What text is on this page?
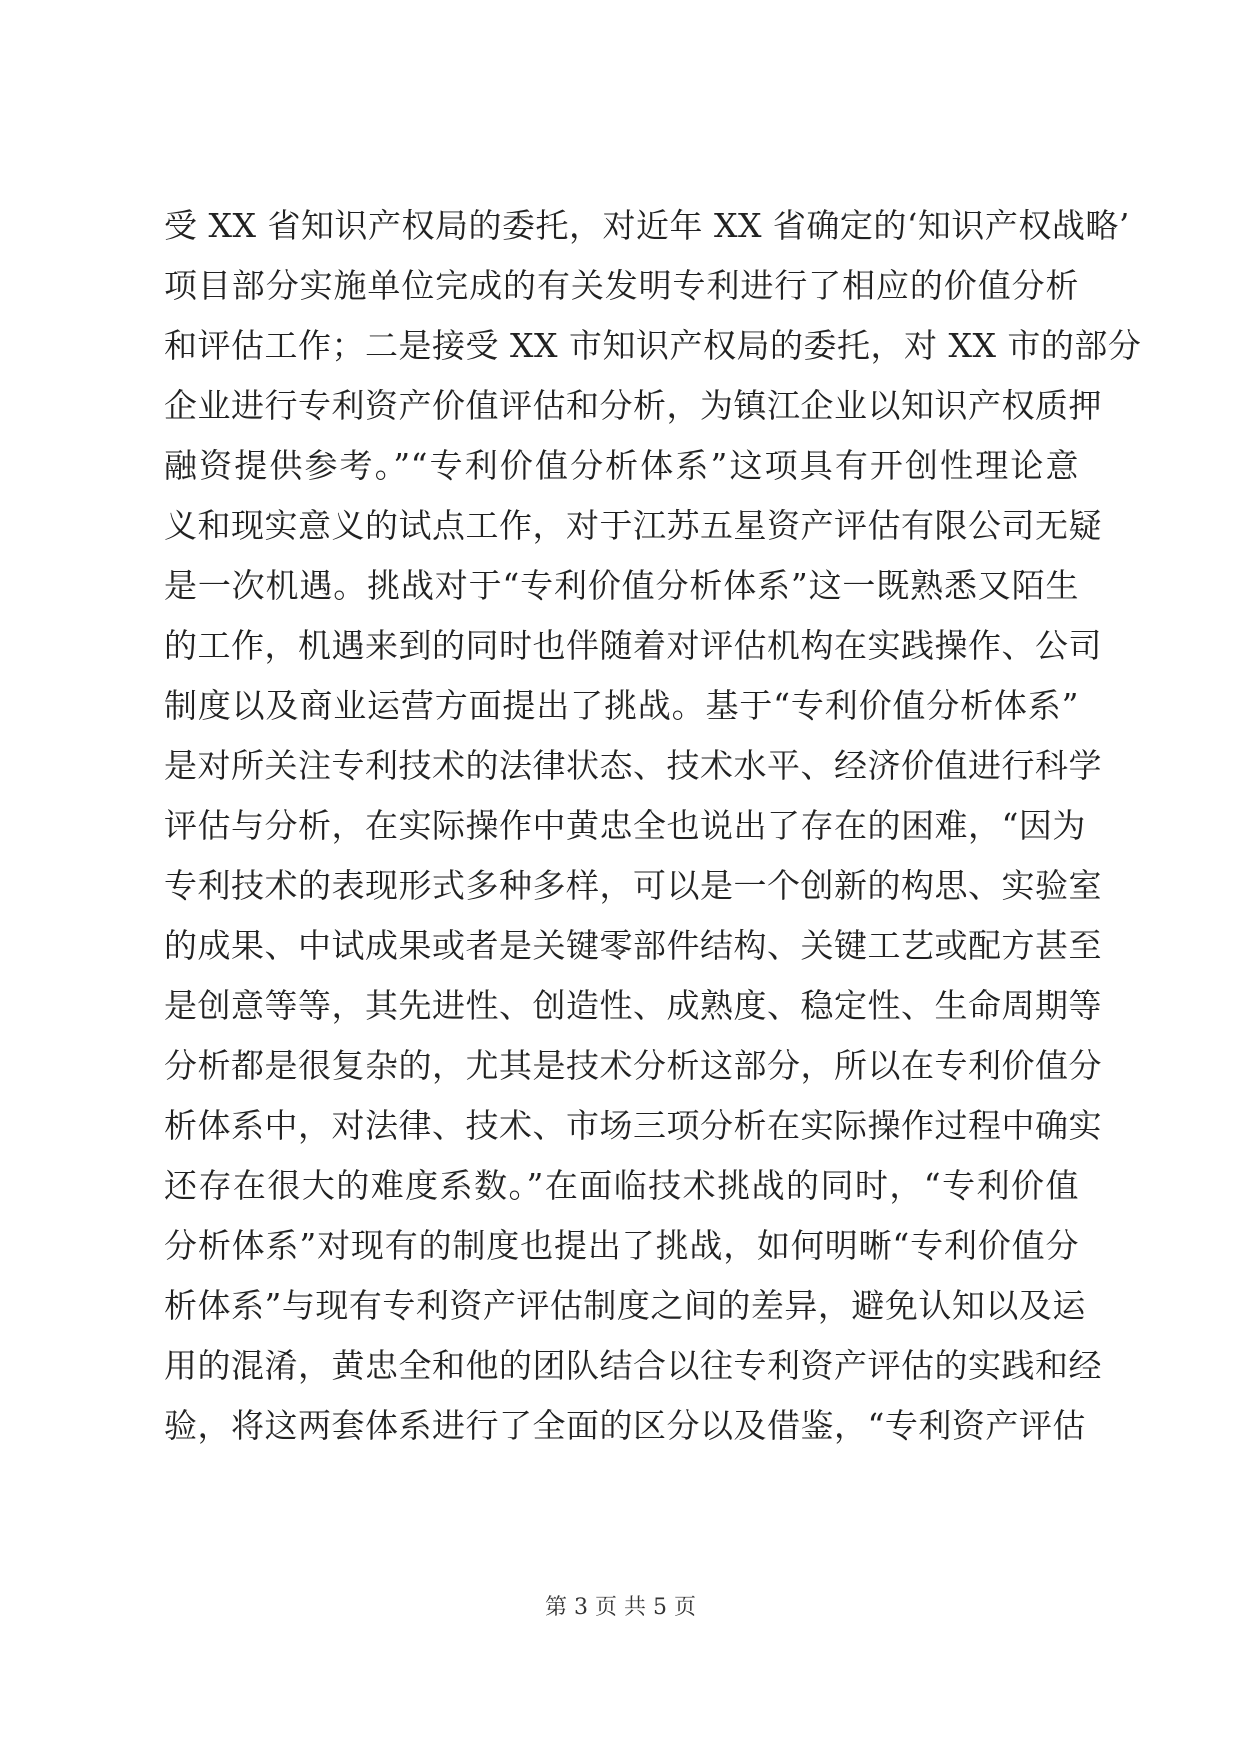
受 XX 省知识产权局的委托，对近年 XX 省确定的‘知识产权战略’
项目部分实施单位完成的有关发明专利进行了相应的价值分析
和评估工作；二是接受 XX 市知识产权局的委托，对 XX 市的部分
企业进行专利资产价值评估和分析，为镇江企业以知识产权质押
融资提供参考。”“专利价值分析体系”这项具有开创性理论意
义和现实意义的试点工作，对于江苏五星资产评估有限公司无疑
是一次机遇。挑战对于“专利价值分析体系”这一既熟悉又陌生
的工作，机遇来到的同时也伴随着对评估机构在实践操作、公司
制度以及商业运营方面提出了挑战。基于“专利价值分析体系”
是对所关注专利技术的法律状态、技术水平、经济价值进行科学
评估与分析，在实际操作中黄忠全也说出了存在的困难，“因为
专利技术的表现形式多种多样，可以是一个创新的构思、实验室
的成果、中试成果或者是关键零部件结构、关键工艺或配方甚至
是创意等等，其先进性、创造性、成熟度、稳定性、生命周期等
分析都是很复杂的，尤其是技术分析这部分，所以在专利价值分
析体系中，对法律、技术、市场三项分析在实际操作过程中确实
还存在很大的难度系数。”在面临技术挑战的同时，“专利价值
分析体系”对现有的制度也提出了挑战，如何明晰“专利价值分
析体系”与现有专利资产评估制度之间的差异，避免认知以及运
用的混淆，黄忠全和他的团队结合以往专利资产评估的实践和经
验，将这两套体系进行了全面的区分以及借鉴，“专利资产评估
第 3 页 共 5 页
